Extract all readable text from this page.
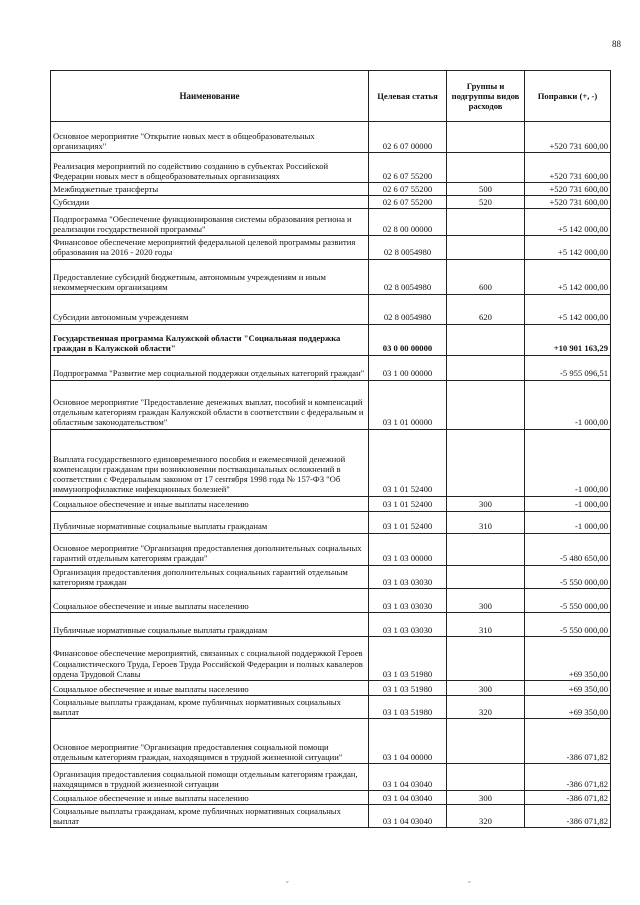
88
Наименование	Целевая статья	Группы и подгруппы видов расходов	Поправки (+, -)
Основное мероприятие "Открытие новых мест в общеобразовательных организациях"	02 6 07 00000		+520 731 600,00
Реализация мероприятий по содействию созданию в субъектах Российской Федерации новых мест в общеобразовательных организациях	02 6 07 55200		+520 731 600,00
Межбюджетные трансферты	02 6 07 55200	500	+520 731 600,00
Субсидии	02 6 07 55200	520	+520 731 600,00
Подпрограмма "Обеспечение функционирования системы образования региона и реализации государственной программы"	02 8 00 00000		+5 142 000,00
Финансовое обеспечение мероприятий федеральной целевой программы развития образования на 2016 - 2020 годы	02 8 0054980		+5 142 000,00
Предоставление субсидий бюджетным, автономным учреждениям и иным некоммерческим организациям	02 8 0054980	600	+5 142 000,00
Субсидии автономным учреждениям	02 8 0054980	620	+5 142 000,00
Государственная программа Калужской области "Социальная поддержка граждан в Калужской области"	03 0 00 00000		+10 901 163,29
Подпрограмма "Развитие мер социальной поддержки отдельных категорий граждан"	03 1 00 00000		-5 955 096,51
Основное мероприятие "Предоставление денежных выплат, пособий и компенсаций отдельным категориям граждан Калужской области в соответствии с федеральным и областным законодательством"	03 1 01 00000		-1 000,00
Выплата государственного единовременного пособия и ежемесячной денежной компенсации гражданам при возникновении поствакцинальных осложнений в соответствии с Федеральным законом от 17 сентября 1998 года № 157-ФЗ "Об иммунопрофилактике инфекционных болезней"	03 1 01 52400		-1 000,00
Социальное обеспечение и иные выплаты населению	03 1 01 52400	300	-1 000,00
Публичные нормативные социальные выплаты гражданам	03 1 01 52400	310	-1 000,00
Основное мероприятие "Организация предоставления дополнительных социальных гарантий отдельным категориям граждан"	03 1 03 00000		-5 480 650,00
Организация предоставления дополнительных социальных гарантий отдельным категориям граждан	03 1 03 03030		-5 550 000,00
Социальное обеспечение и иные выплаты населению	03 1 03 03030	300	-5 550 000,00
Публичные нормативные социальные выплаты гражданам	03 1 03 03030	310	-5 550 000,00
Финансовое обеспечение мероприятий, связанных с социальной поддержкой Героев Социалистического Труда, Героев Труда Российской Федерации и полных кавалеров ордена Трудовой Славы	03 1 03 51980		+69 350,00
Социальное обеспечение и иные выплаты населению	03 1 03 51980	300	+69 350,00
Социальные выплаты гражданам, кроме публичных нормативных социальных выплат	03 1 03 51980	320	+69 350,00
Основное мероприятие "Организация предоставления социальной помощи отдельным категориям граждан, находящимся в трудной жизненной ситуации"	03 1 04 00000		-386 071,82
Организация предоставления социальной помощи отдельным категориям граждан, находящимся в трудной жизненной ситуации	03 1 04 03040		-386 071,82
Социальное обеспечение и иные выплаты населению	03 1 04 03040	300	-386 071,82
Социальные выплаты гражданам, кроме публичных нормативных социальных выплат	03 1 04 03040	320	-386 071,82
ˇ	ˇ
